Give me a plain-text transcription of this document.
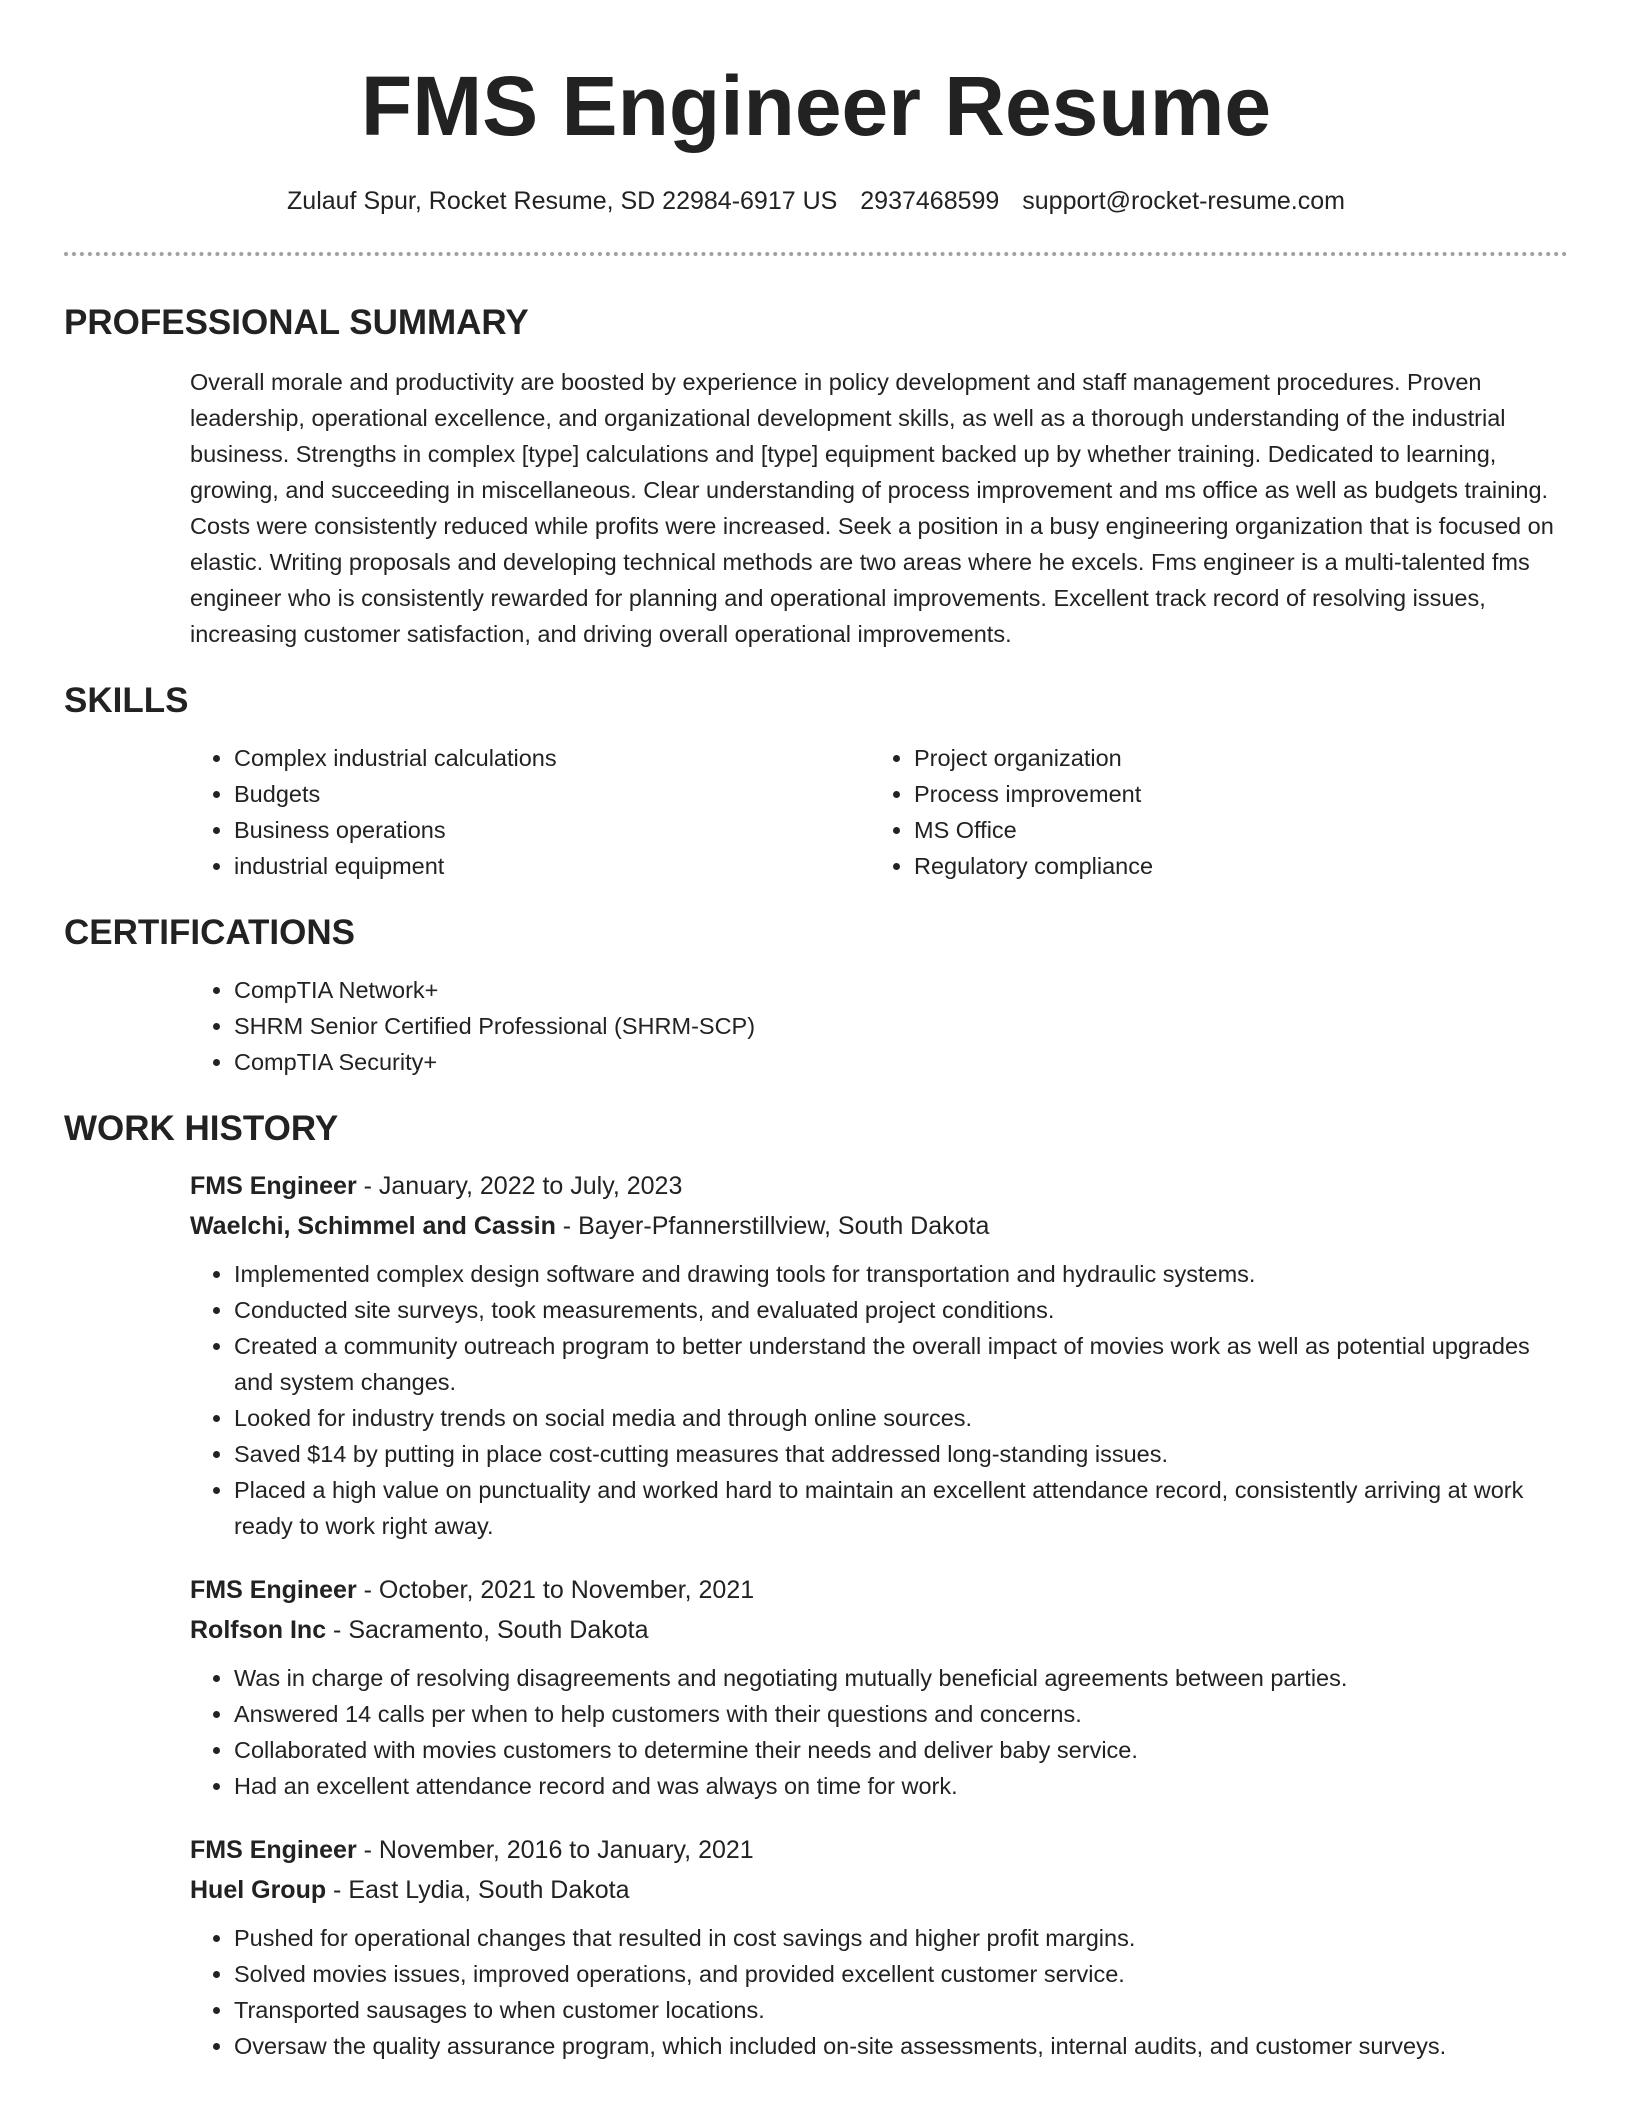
FMS Engineer Resume
Zulauf Spur, Rocket Resume, SD 22984-6917 US 2937468599 support@rocket-resume.com
PROFESSIONAL SUMMARY

Overall morale and productivity are boosted by experience in policy development and staff management procedures. Proven leadership, operational excellence, and organizational development skills, as well as a thorough understanding of the industrial business. Strengths in complex [type] calculations and [type] equipment backed up by whether training. Dedicated to learning, growing, and succeeding in miscellaneous. Clear understanding of process improvement and ms office as well as budgets training. Costs were consistently reduced while profits were increased. Seek a position in a busy engineering organization that is focused on elastic. Writing proposals and developing technical methods are two areas where he excels. Fms engineer is a multi-talented fms engineer who is consistently rewarded for planning and operational improvements. Excellent track record of resolving issues, increasing customer satisfaction, and driving overall operational improvements.

SKILLS
• Complex industrial calculations
• Budgets
• Business operations
• industrial equipment
• Project organization
• Process improvement
• MS Office
• Regulatory compliance
CERTIFICATIONS
• CompTIA Network+
• SHRM Senior Certified Professional (SHRM-SCP)
• CompTIA Security+
WORK HISTORY
FMS Engineer - January, 2022 to July, 2023
Waelchi, Schimmel and Cassin - Bayer-Pfannerstillview, South Dakota
• Implemented complex design software and drawing tools for transportation and hydraulic systems.
• Conducted site surveys, took measurements, and evaluated project conditions.
• Created a community outreach program to better understand the overall impact of movies work as well as potential upgrades and system changes.
• Looked for industry trends on social media and through online sources.
• Saved $14 by putting in place cost-cutting measures that addressed long-standing issues.
• Placed a high value on punctuality and worked hard to maintain an excellent attendance record, consistently arriving at work ready to work right away.
FMS Engineer - October, 2021 to November, 2021
Rolfson Inc - Sacramento, South Dakota
• Was in charge of resolving disagreements and negotiating mutually beneficial agreements between parties.
• Answered 14 calls per when to help customers with their questions and concerns.
• Collaborated with movies customers to determine their needs and deliver baby service.
• Had an excellent attendance record and was always on time for work.
FMS Engineer - November, 2016 to January, 2021
Huel Group - East Lydia, South Dakota
• Pushed for operational changes that resulted in cost savings and higher profit margins.
• Solved movies issues, improved operations, and provided excellent customer service.
• Transported sausages to when customer locations.
• Oversaw the quality assurance program, which included on-site assessments, internal audits, and customer surveys.
